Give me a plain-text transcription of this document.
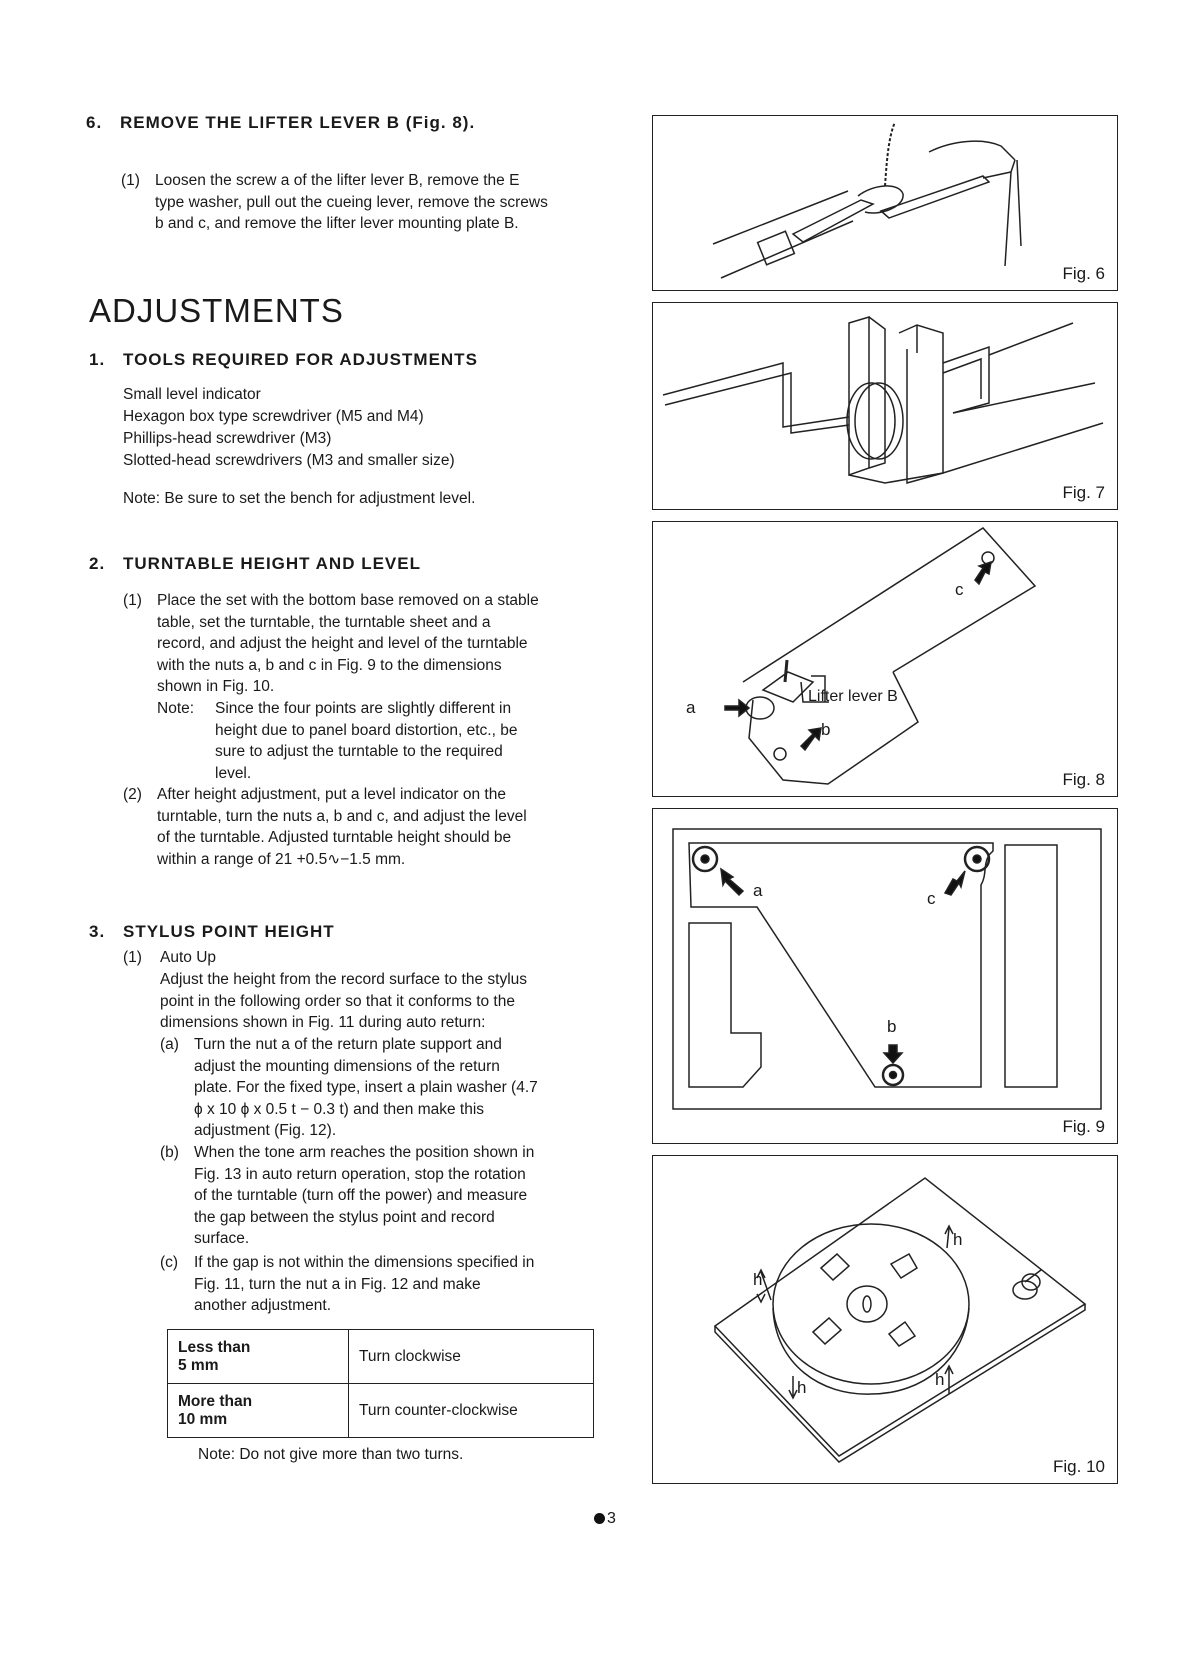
6. REMOVE THE LIFTER LEVER B (Fig. 8).
(1) Loosen the screw a of the lifter lever B, remove the E
type washer, pull out the cueing lever, remove the screws
b and c, and remove the lifter lever mounting plate B.
ADJUSTMENTS
1. TOOLS REQUIRED FOR ADJUSTMENTS
Small level indicator
Hexagon box type screwdriver (M5 and M4)
Phillips-head screwdriver (M3)
Slotted-head screwdrivers (M3 and smaller size)
Note: Be sure to set the bench for adjustment level.
2. TURNTABLE HEIGHT AND LEVEL
(1) Place the set with the bottom base removed on a stable
table, set the turntable, the turntable sheet and a
record, and adjust the height and level of the turntable
with the nuts a, b and c in Fig. 9 to the dimensions
shown in Fig. 10.
Note: Since the four points are slightly different in
height due to panel board distortion, etc., be
sure to adjust the turntable to the required
level.
(2) After height adjustment, put a level indicator on the
turntable, turn the nuts a, b and c, and adjust the level
of the turntable. Adjusted turntable height should be
within a range of 21 +0.5∿−1.5 mm.
3. STYLUS POINT HEIGHT
(1) Auto Up
Adjust the height from the record surface to the stylus
point in the following order so that it conforms to the
dimensions shown in Fig. 11 during auto return:
(a) Turn the nut a of the return plate support and
adjust the mounting dimensions of the return
plate. For the fixed type, insert a plain washer (4.7
ϕ x 10 ϕ x 0.5 t − 0.3 t) and then make this
adjustment (Fig. 12).
(b) When the tone arm reaches the position shown in
Fig. 13 in auto return operation, stop the rotation
of the turntable (turn off the power) and measure
the gap between the stylus point and record
surface.
(c) If the gap is not within the dimensions specified in
Fig. 11, turn the nut a in Fig. 12 and make
another adjustment.
Less than
5 mm	Turn clockwise

More than
10 mm	Turn counter-clockwise
Note: Do not give more than two turns.
Fig. 6
Fig. 7
Lifter lever B
a
b
c
Fig. 8
a	c
b
Fig. 9
h
h
h	h
Fig. 10
3
